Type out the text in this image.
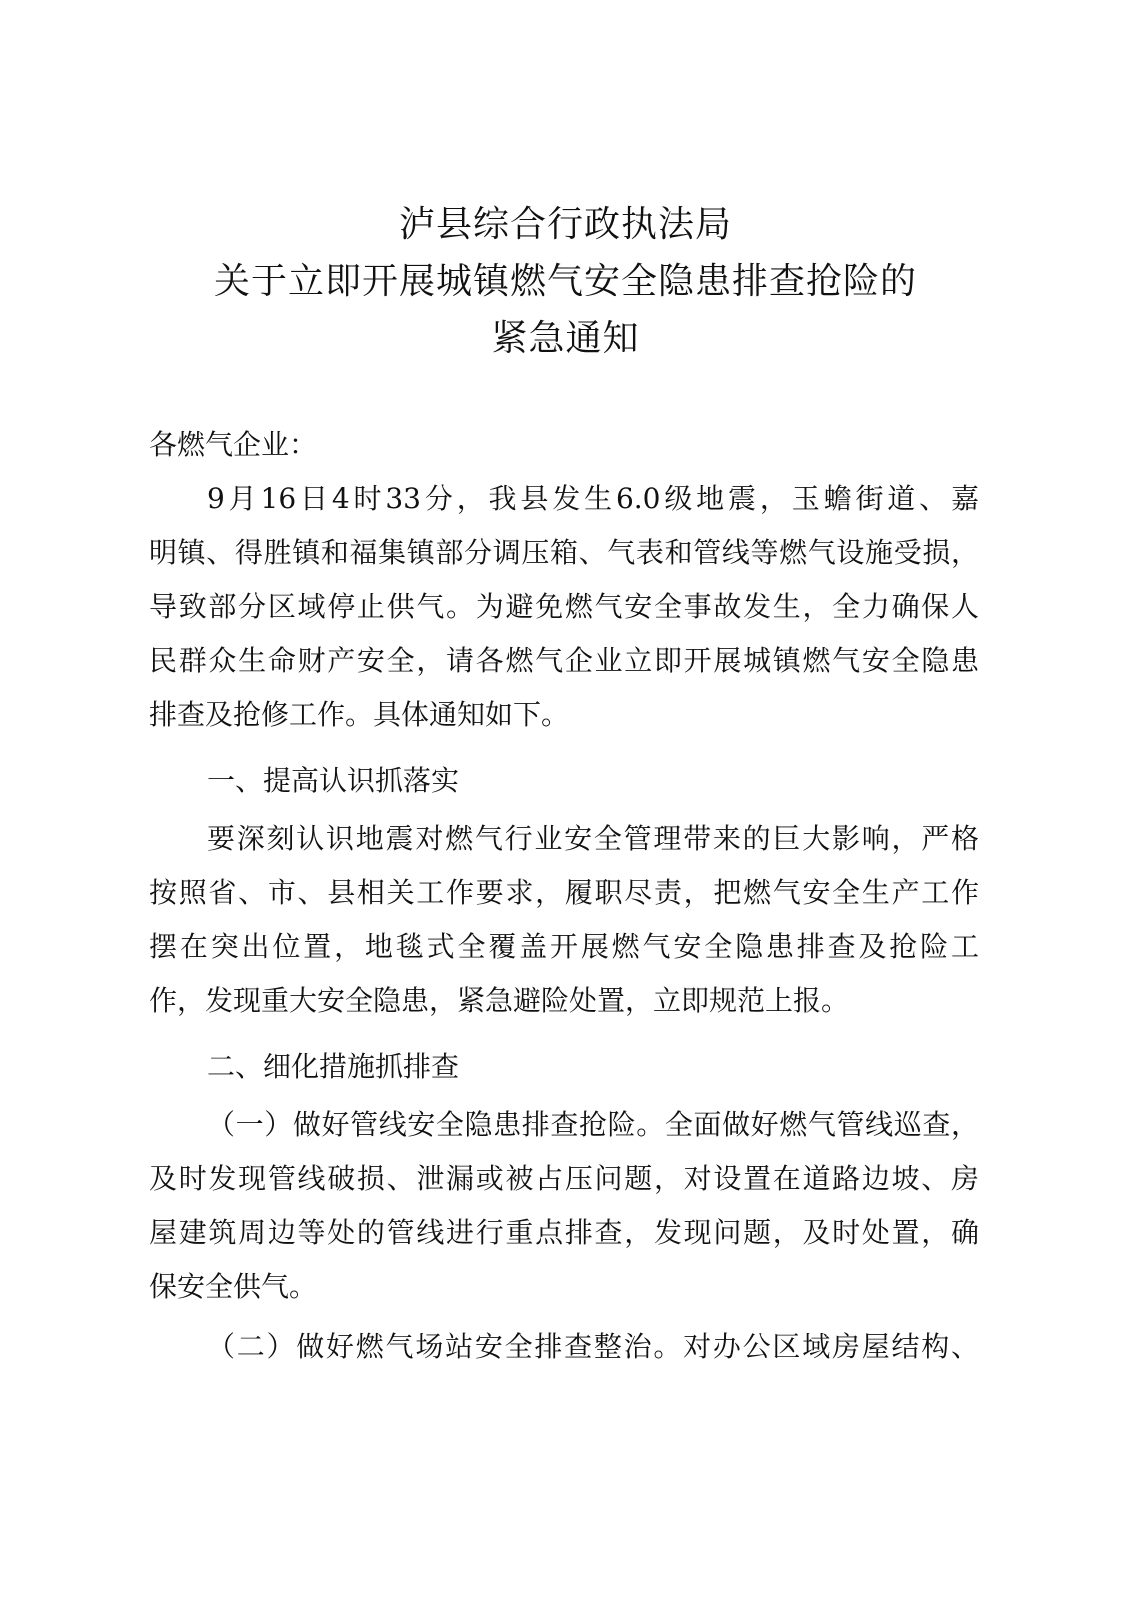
泸县综合行政执法局
关于立即开展城镇燃气安全隐患排查抢险的
紧急通知
各燃气企业：
9月16日4时33分，我县发生6.0级地震，玉蟾街道、嘉
明镇、得胜镇和福集镇部分调压箱、气表和管线等燃气设施受损，
导致部分区域停止供气。为避免燃气安全事故发生，全力确保人
民群众生命财产安全，请各燃气企业立即开展城镇燃气安全隐患
排查及抢修工作。具体通知如下。
一、提高认识抓落实
要深刻认识地震对燃气行业安全管理带来的巨大影响，严格
按照省、市、县相关工作要求，履职尽责，把燃气安全生产工作
摆在突出位置，地毯式全覆盖开展燃气安全隐患排查及抢险工
作，发现重大安全隐患，紧急避险处置，立即规范上报。
二、细化措施抓排查
（一）做好管线安全隐患排查抢险。全面做好燃气管线巡查，
及时发现管线破损、泄漏或被占压问题，对设置在道路边坡、房
屋建筑周边等处的管线进行重点排查，发现问题，及时处置，确
保安全供气。
（二）做好燃气场站安全排查整治。对办公区域房屋结构、
